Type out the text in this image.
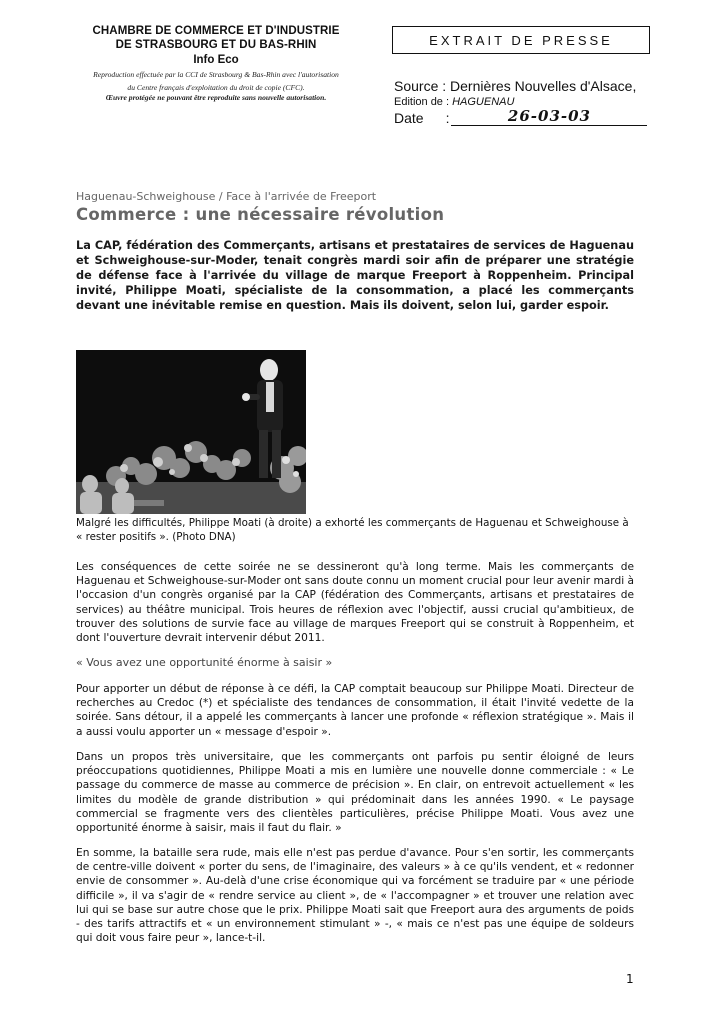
CHAMBRE DE COMMERCE ET D'INDUSTRIE
DE STRASBOURG ET DU BAS-RHIN
Info Eco
Reproduction effectuée par la CCI de Strasbourg & Bas-Rhin avec l'autorisation
du Centre français d'exploitation du droit de copie (CFC).
Œuvre protégée ne pouvant être reproduite sans nouvelle autorisation.
EXTRAIT DE PRESSE
Source : Dernières Nouvelles d'Alsace,
Edition de : HAGUENAU
Date :	26-03-03
Haguenau-Schweighouse / Face à l'arrivée de Freeport
Commerce : une nécessaire révolution
La CAP, fédération des Commerçants, artisans et prestataires de services de Haguenau et Schweighouse-sur-Moder, tenait congrès mardi soir afin de préparer une stratégie de défense face à l'arrivée du village de marque Freeport à Roppenheim. Principal invité, Philippe Moati, spécialiste de la consommation, a placé les commerçants devant une inévitable remise en question. Mais ils doivent, selon lui, garder espoir.
Malgré les difficultés, Philippe Moati (à droite) a exhorté les commerçants de Haguenau et Schweighouse à « rester positifs ». (Photo DNA)
Les conséquences de cette soirée ne se dessineront qu'à long terme. Mais les commerçants de Haguenau et Schweighouse-sur-Moder ont sans doute connu un moment crucial pour leur avenir mardi à l'occasion d'un congrès organisé par la CAP (fédération des Commerçants, artisans et prestataires de services) au théâtre municipal. Trois heures de réflexion avec l'objectif, aussi crucial qu'ambitieux, de trouver des solutions de survie face au village de marques Freeport qui se construit à Roppenheim, et dont l'ouverture devrait intervenir début 2011.
« Vous avez une opportunité énorme à saisir »
Pour apporter un début de réponse à ce défi, la CAP comptait beaucoup sur Philippe Moati. Directeur de recherches au Credoc (*) et spécialiste des tendances de consommation, il était l'invité vedette de la soirée. Sans détour, il a appelé les commerçants à lancer une profonde « réflexion stratégique ». Mais il a aussi voulu apporter un « message d'espoir ».
Dans un propos très universitaire, que les commerçants ont parfois pu sentir éloigné de leurs préoccupations quotidiennes, Philippe Moati a mis en lumière une nouvelle donne commerciale : « Le passage du commerce de masse au commerce de précision ». En clair, on entrevoit actuellement « les limites du modèle de grande distribution » qui prédominait dans les années 1990. « Le paysage commercial se fragmente vers des clientèles particulières, précise Philippe Moati. Vous avez une opportunité énorme à saisir, mais il faut du flair. »
En somme, la bataille sera rude, mais elle n'est pas perdue d'avance. Pour s'en sortir, les commerçants de centre-ville doivent « porter du sens, de l'imaginaire, des valeurs » à ce qu'ils vendent, et « redonner envie de consommer ». Au-delà d'une crise économique qui va forcément se traduire par « une période difficile », il va s'agir de « rendre service au client », de « l'accompagner » et trouver une relation avec lui qui se base sur autre chose que le prix. Philippe Moati sait que Freeport aura des arguments de poids - des tarifs attractifs et « un environnement stimulant » -, « mais ce n'est pas une équipe de soldeurs qui doit vous faire peur », lance-t-il.
1
